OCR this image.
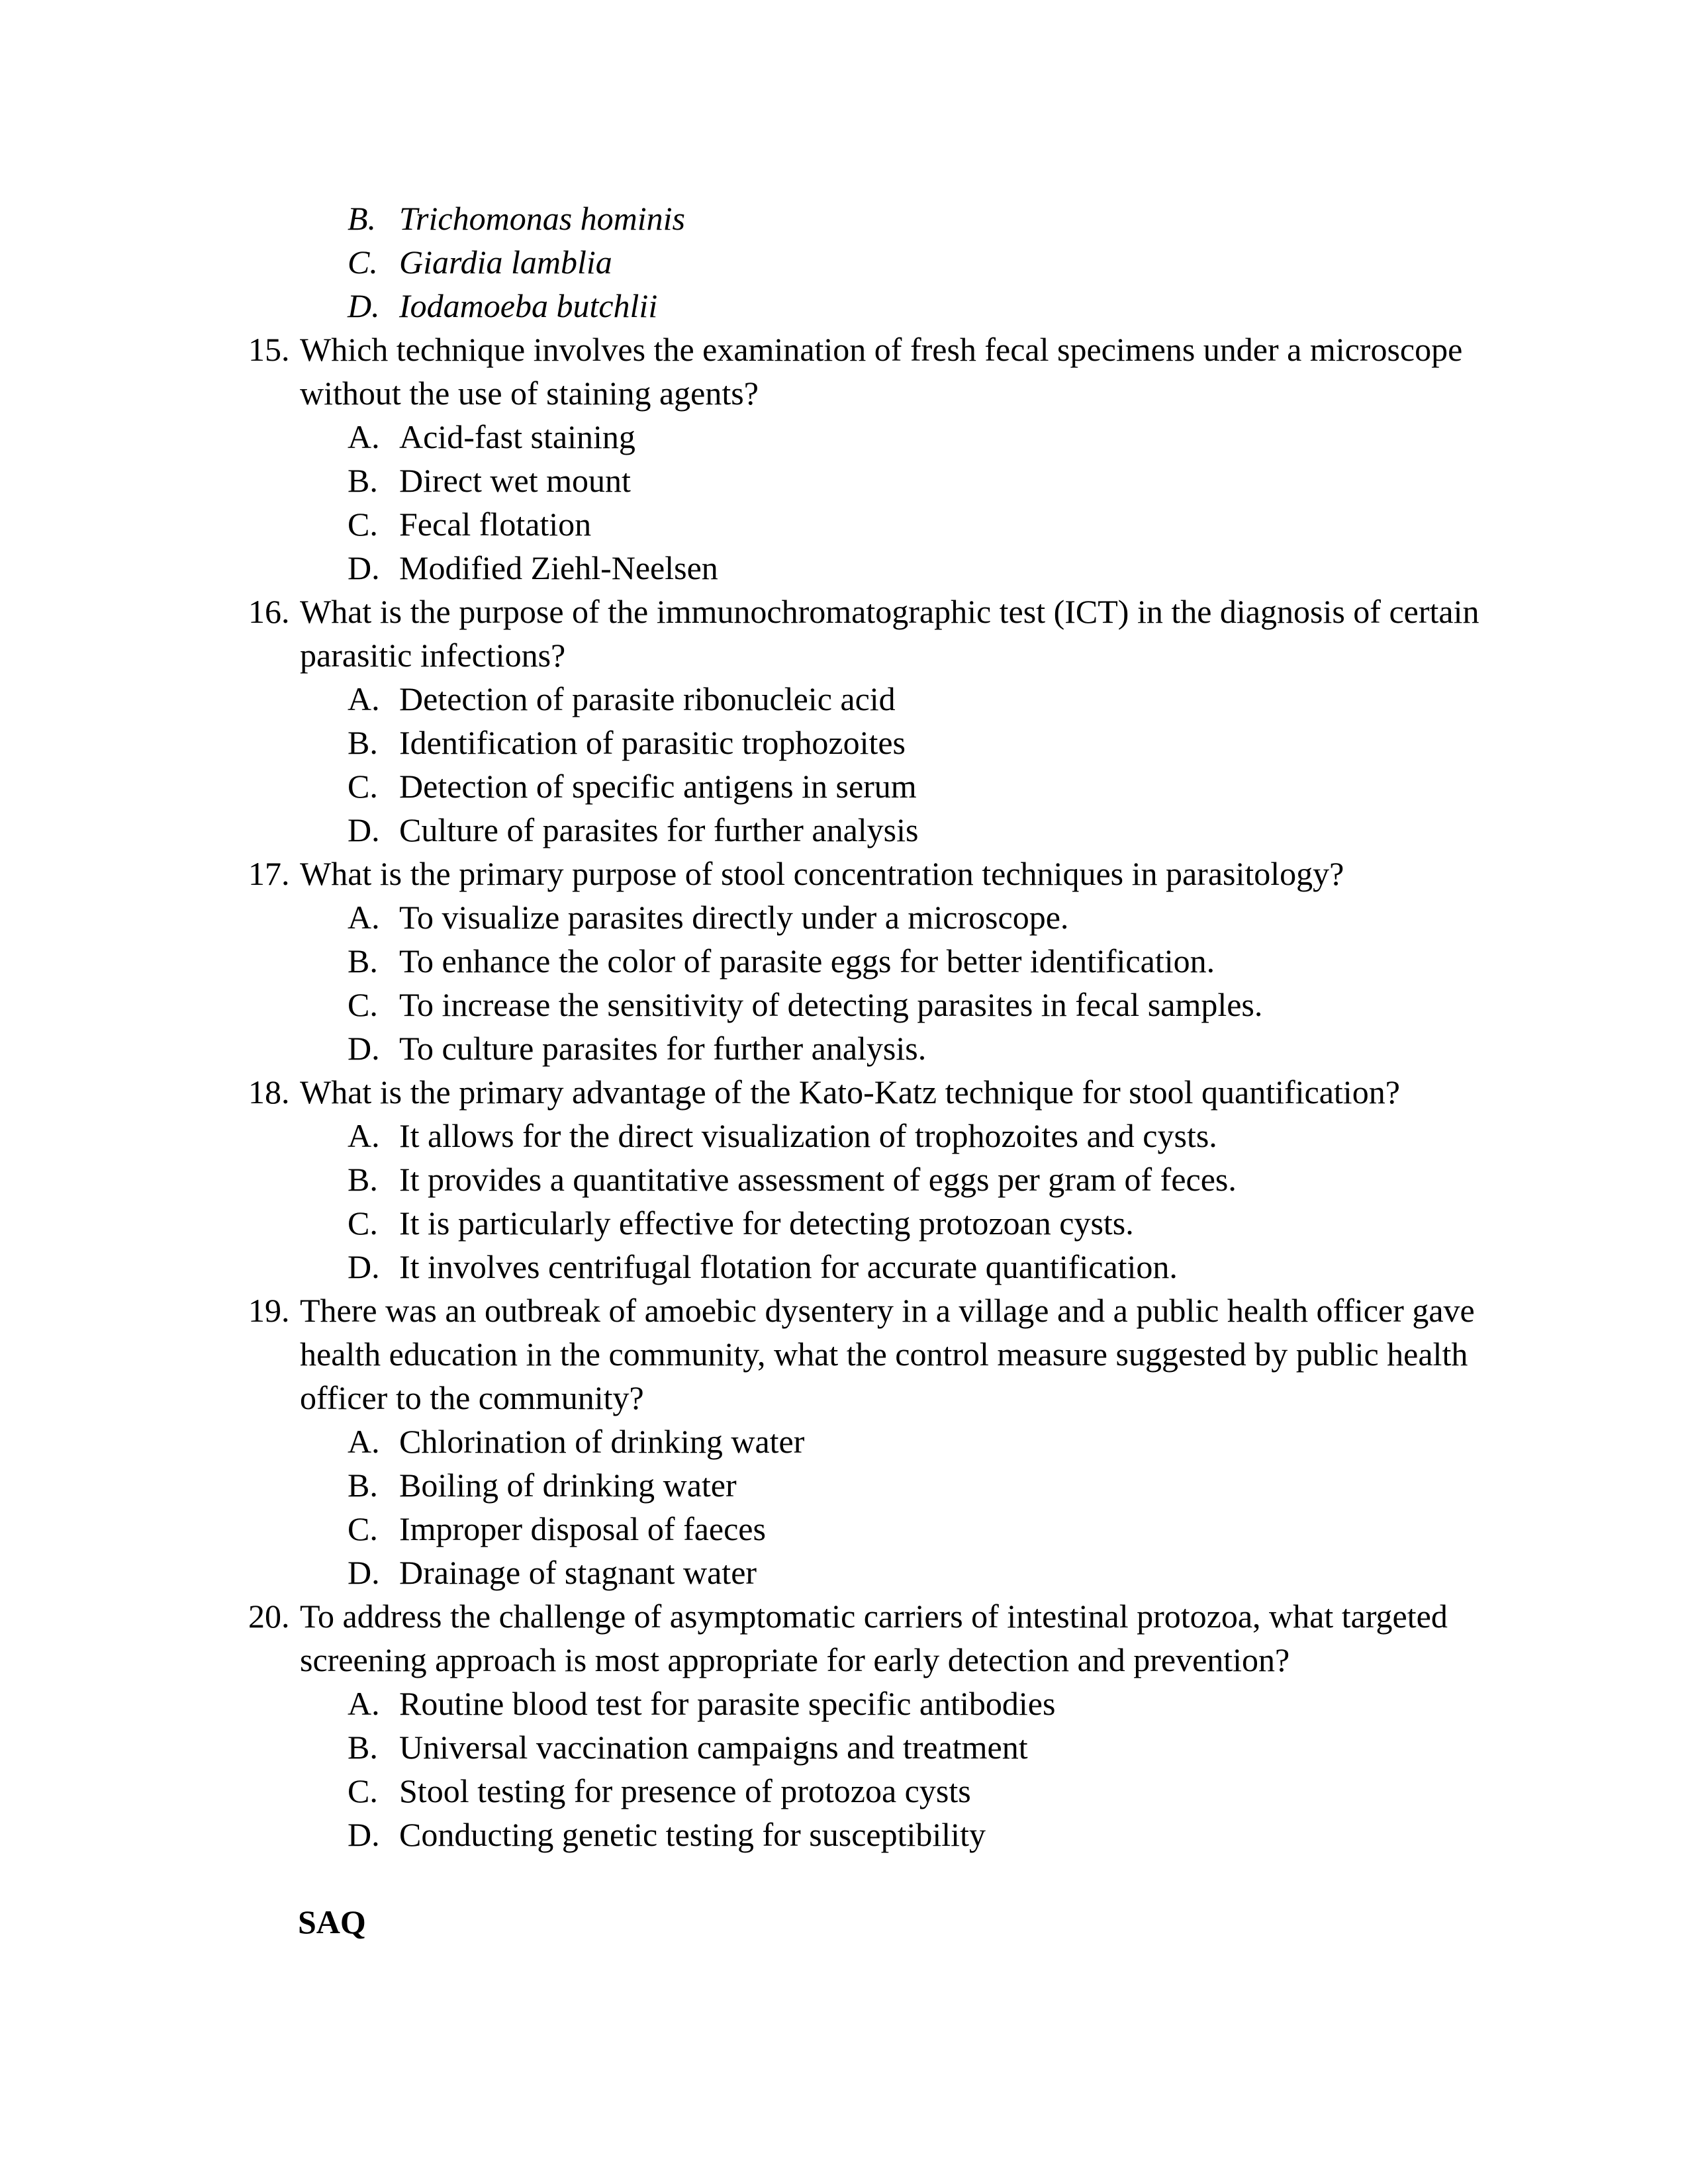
B. Trichomonas hominis
C. Giardia lamblia
D. Iodamoeba butchlii
15. Which technique involves the examination of fresh fecal specimens under a microscope without the use of staining agents?
A. Acid-fast staining
B. Direct wet mount
C. Fecal flotation
D. Modified Ziehl-Neelsen
16. What is the purpose of the immunochromatographic test (ICT) in the diagnosis of certain parasitic infections?
A. Detection of parasite ribonucleic acid
B. Identification of parasitic trophozoites
C. Detection of specific antigens in serum
D. Culture of parasites for further analysis
17. What is the primary purpose of stool concentration techniques in parasitology?
A. To visualize parasites directly under a microscope.
B. To enhance the color of parasite eggs for better identification.
C. To increase the sensitivity of detecting parasites in fecal samples.
D. To culture parasites for further analysis.
18. What is the primary advantage of the Kato-Katz technique for stool quantification?
A. It allows for the direct visualization of trophozoites and cysts.
B. It provides a quantitative assessment of eggs per gram of feces.
C. It is particularly effective for detecting protozoan cysts.
D. It involves centrifugal flotation for accurate quantification.
19. There was an outbreak of amoebic dysentery in a village and a public health officer gave health education in the community, what the control measure suggested by public health officer to the community?
A. Chlorination of drinking water
B. Boiling of drinking water
C. Improper disposal of faeces
D. Drainage of stagnant water
20. To address the challenge of asymptomatic carriers of intestinal protozoa, what targeted screening approach is most appropriate for early detection and prevention?
A. Routine blood test for parasite specific antibodies
B. Universal vaccination campaigns and treatment
C. Stool testing for presence of protozoa cysts
D. Conducting genetic testing for susceptibility
SAQ
